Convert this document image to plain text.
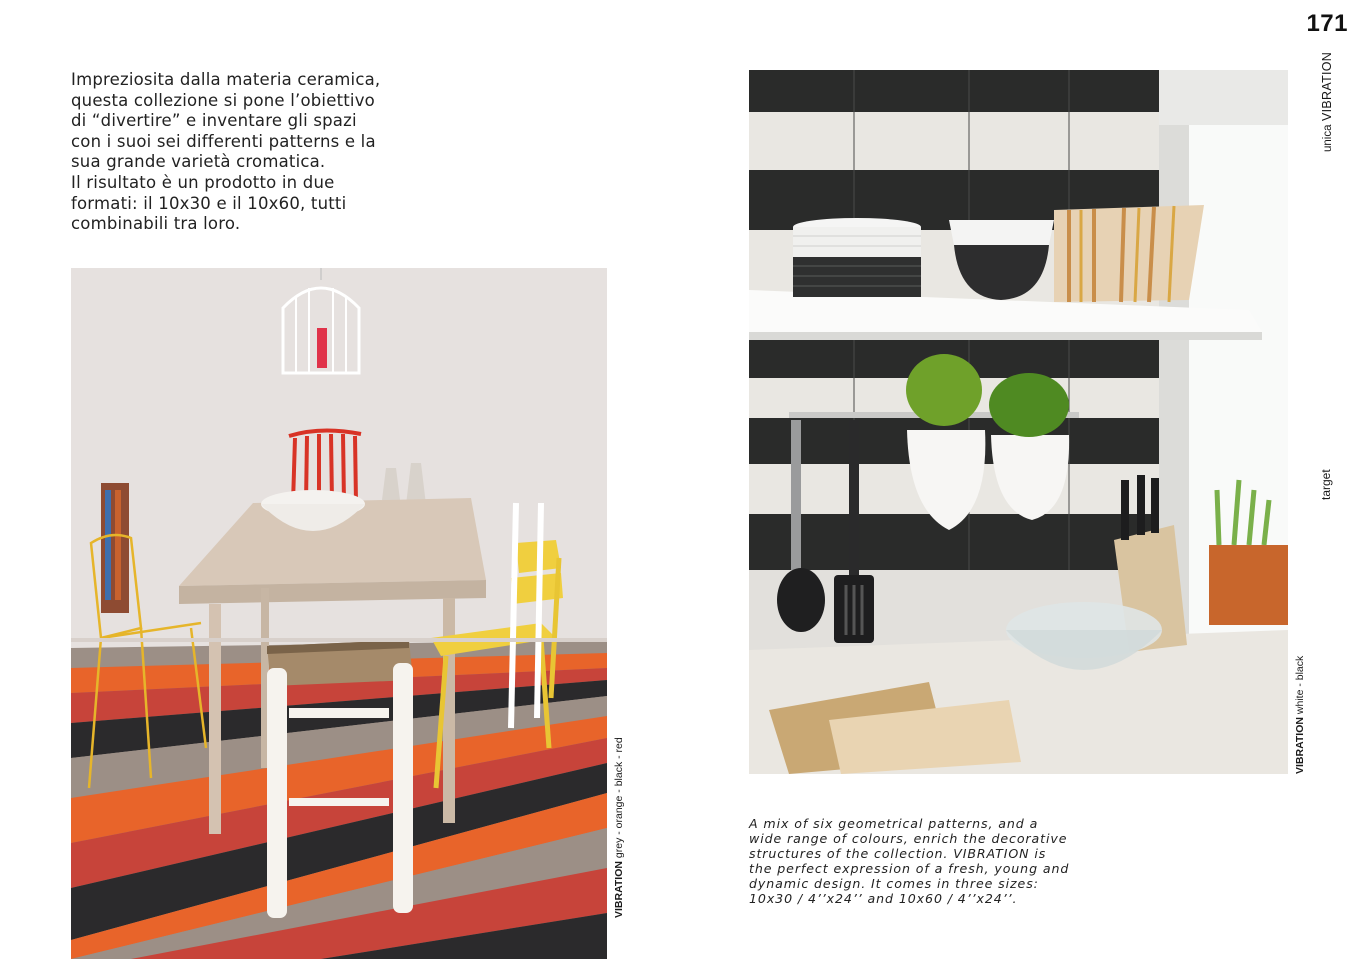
Impreziosita dalla materia ceramica,
questa collezione si pone l’obiettivo
di “divertire” e inventare gli spazi
con i suoi sei differenti patterns e la
sua grande varietà cromatica.
Il risultato è un prodotto in due
formati: il 10x30 e il 10x60, tutti
combinabili tra loro.
VIBRATION grey - orange - black - red	VIBRATION white - black
171
unica VIBRATION
target
A mix of six geometrical patterns, and a
wide range of colours, enrich the decorative
structures of the collection. VIBRATION is
the perfect expression of a fresh, young and
dynamic design. It comes in three sizes:
10x30 / 4’’x24’’ and 10x60 / 4’’x24’’.
